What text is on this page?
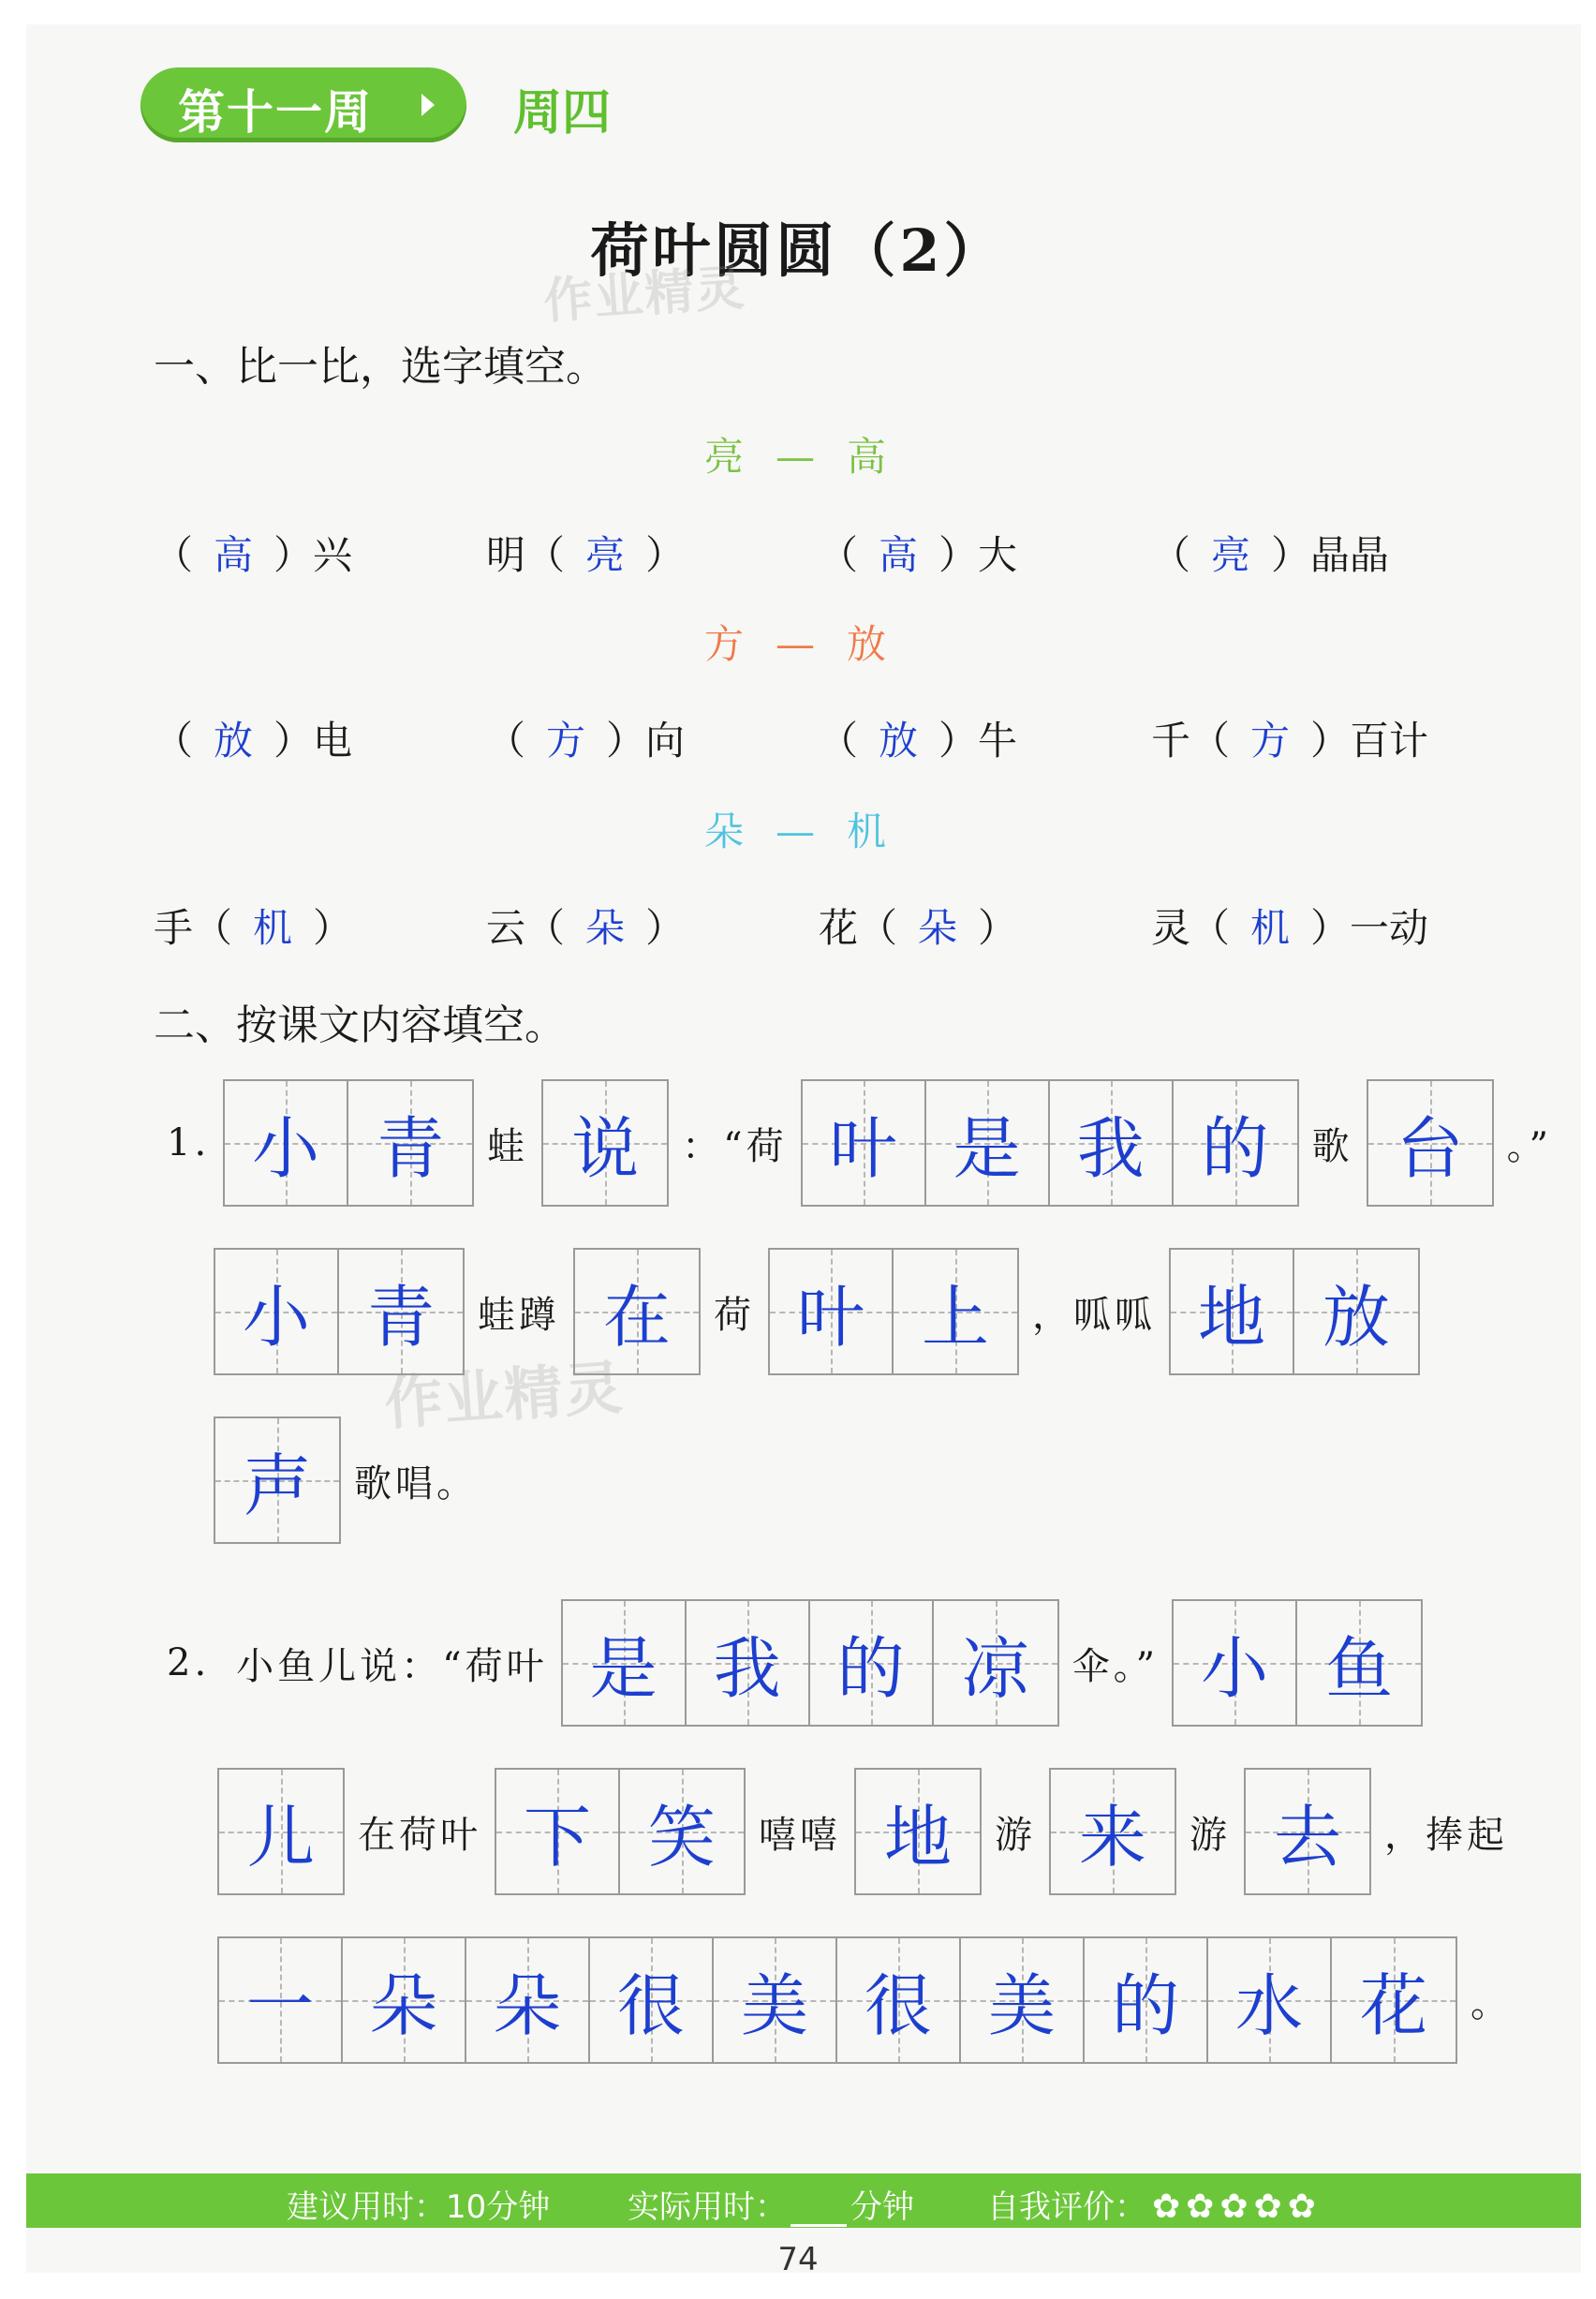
第十一周	周四
荷叶圆圆（2）
作业精灵
作业精灵
一、比一比，选字填空。
亮 — 高
（ 高 ）兴	明（ 亮 ）	（ 高 ）大	（ 亮 ）晶晶
方 — 放
（ 放 ）电	（ 方 ）向	（ 放 ）牛	千（ 方 ）百计
朵 — 机
手（ 机 ）	云（ 朵 ）	花（ 朵 ）	灵（ 机 ）一动
二、按课文内容填空。
1. 小 青	蛙 说	：“荷 叶 是 我 的	歌 台	。”
小 青	蛙蹲 在	荷 叶 上	，呱呱 地 放
声	歌唱。
2. 小鱼儿说：“荷叶 是 我 的 凉	伞。” 小 鱼
儿	在荷叶 下 笑	嘻嘻 地	游 来	游 去	，捧起
一 朵 朵 很 美 很 美 的 水 花	。
建议用时：10分钟 实际用时： 分钟 自我评价： ✿ ✿ ✿ ✿ ✿
74
